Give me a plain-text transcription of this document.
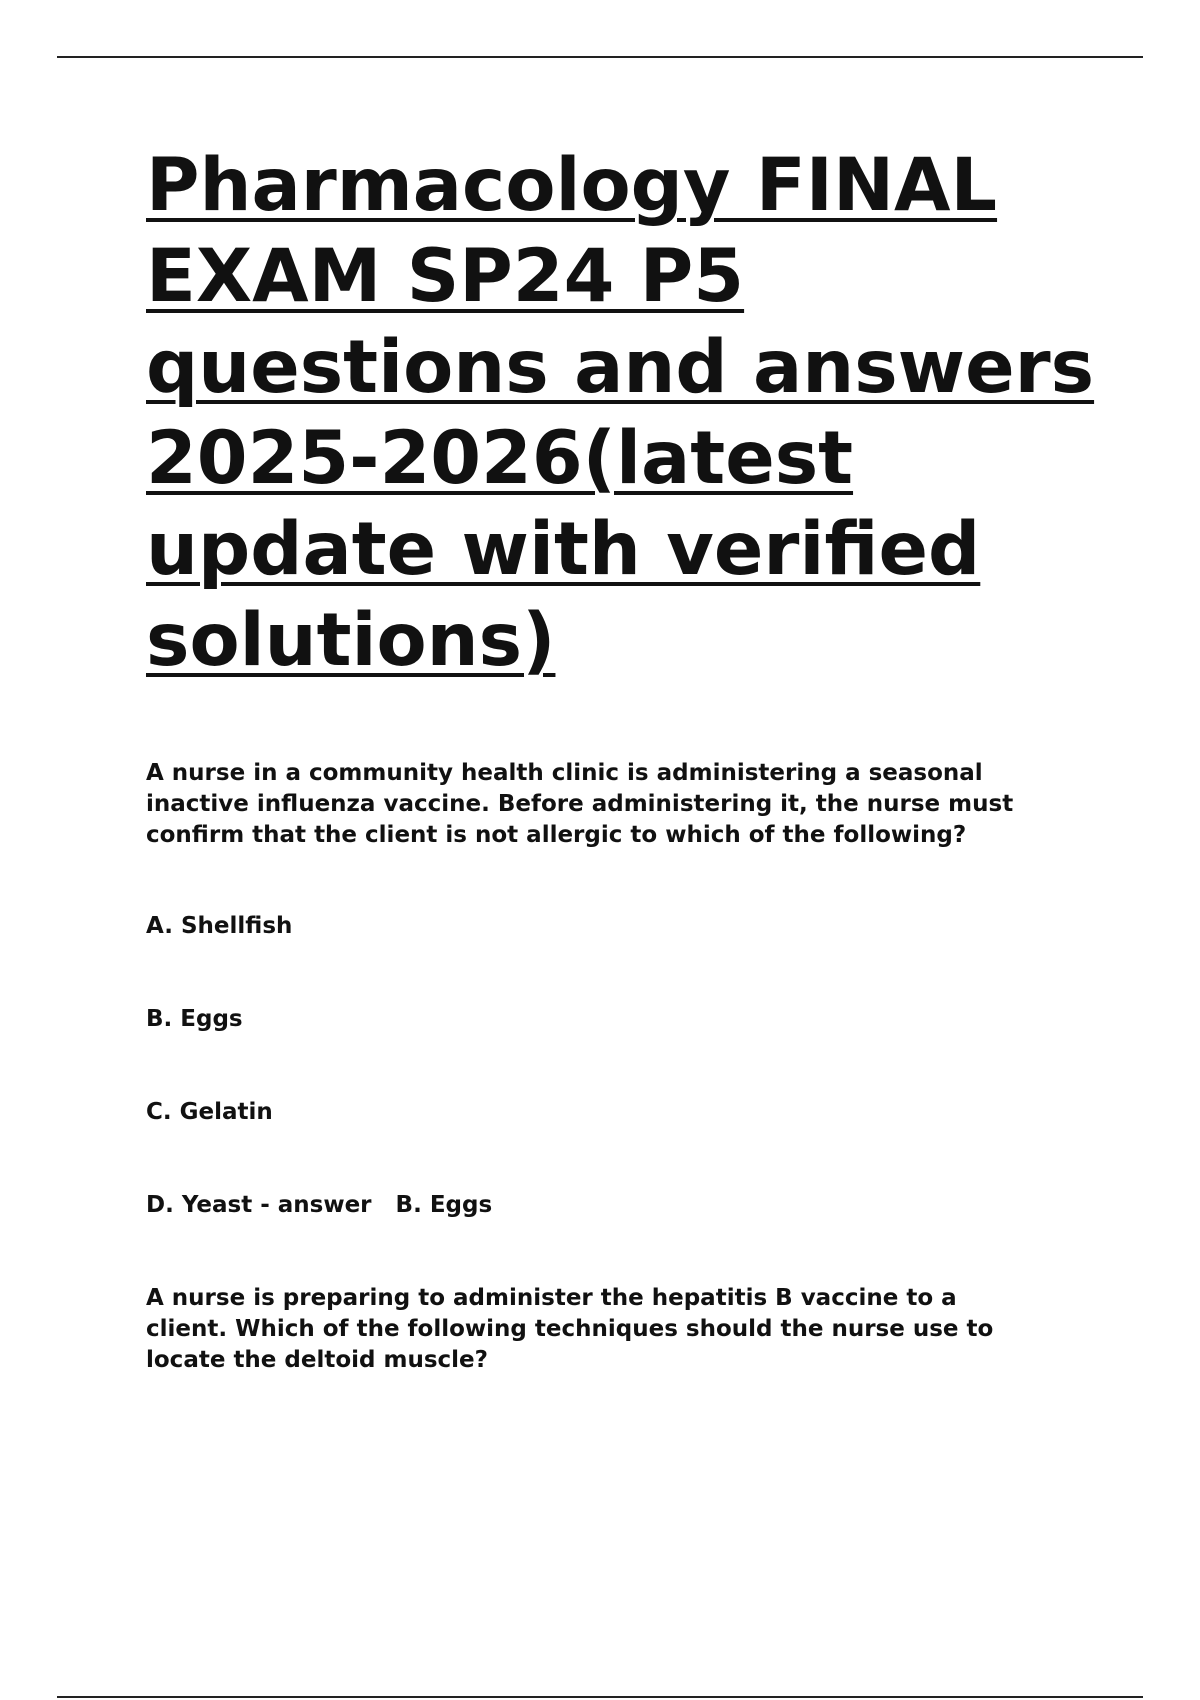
Pharmacology FINAL
EXAM SP24 P5
questions and answers
2025-2026(latest
update with verified
solutions)

A nurse in a community health clinic is administering a seasonal
inactive influenza vaccine. Before administering it, the nurse must
confirm that the client is not allergic to which of the following?

A. Shellfish
B. Eggs
C. Gelatin
D. Yeast - answer   B. Eggs

A nurse is preparing to administer the hepatitis B vaccine to a
client. Which of the following techniques should the nurse use to
locate the deltoid muscle?
